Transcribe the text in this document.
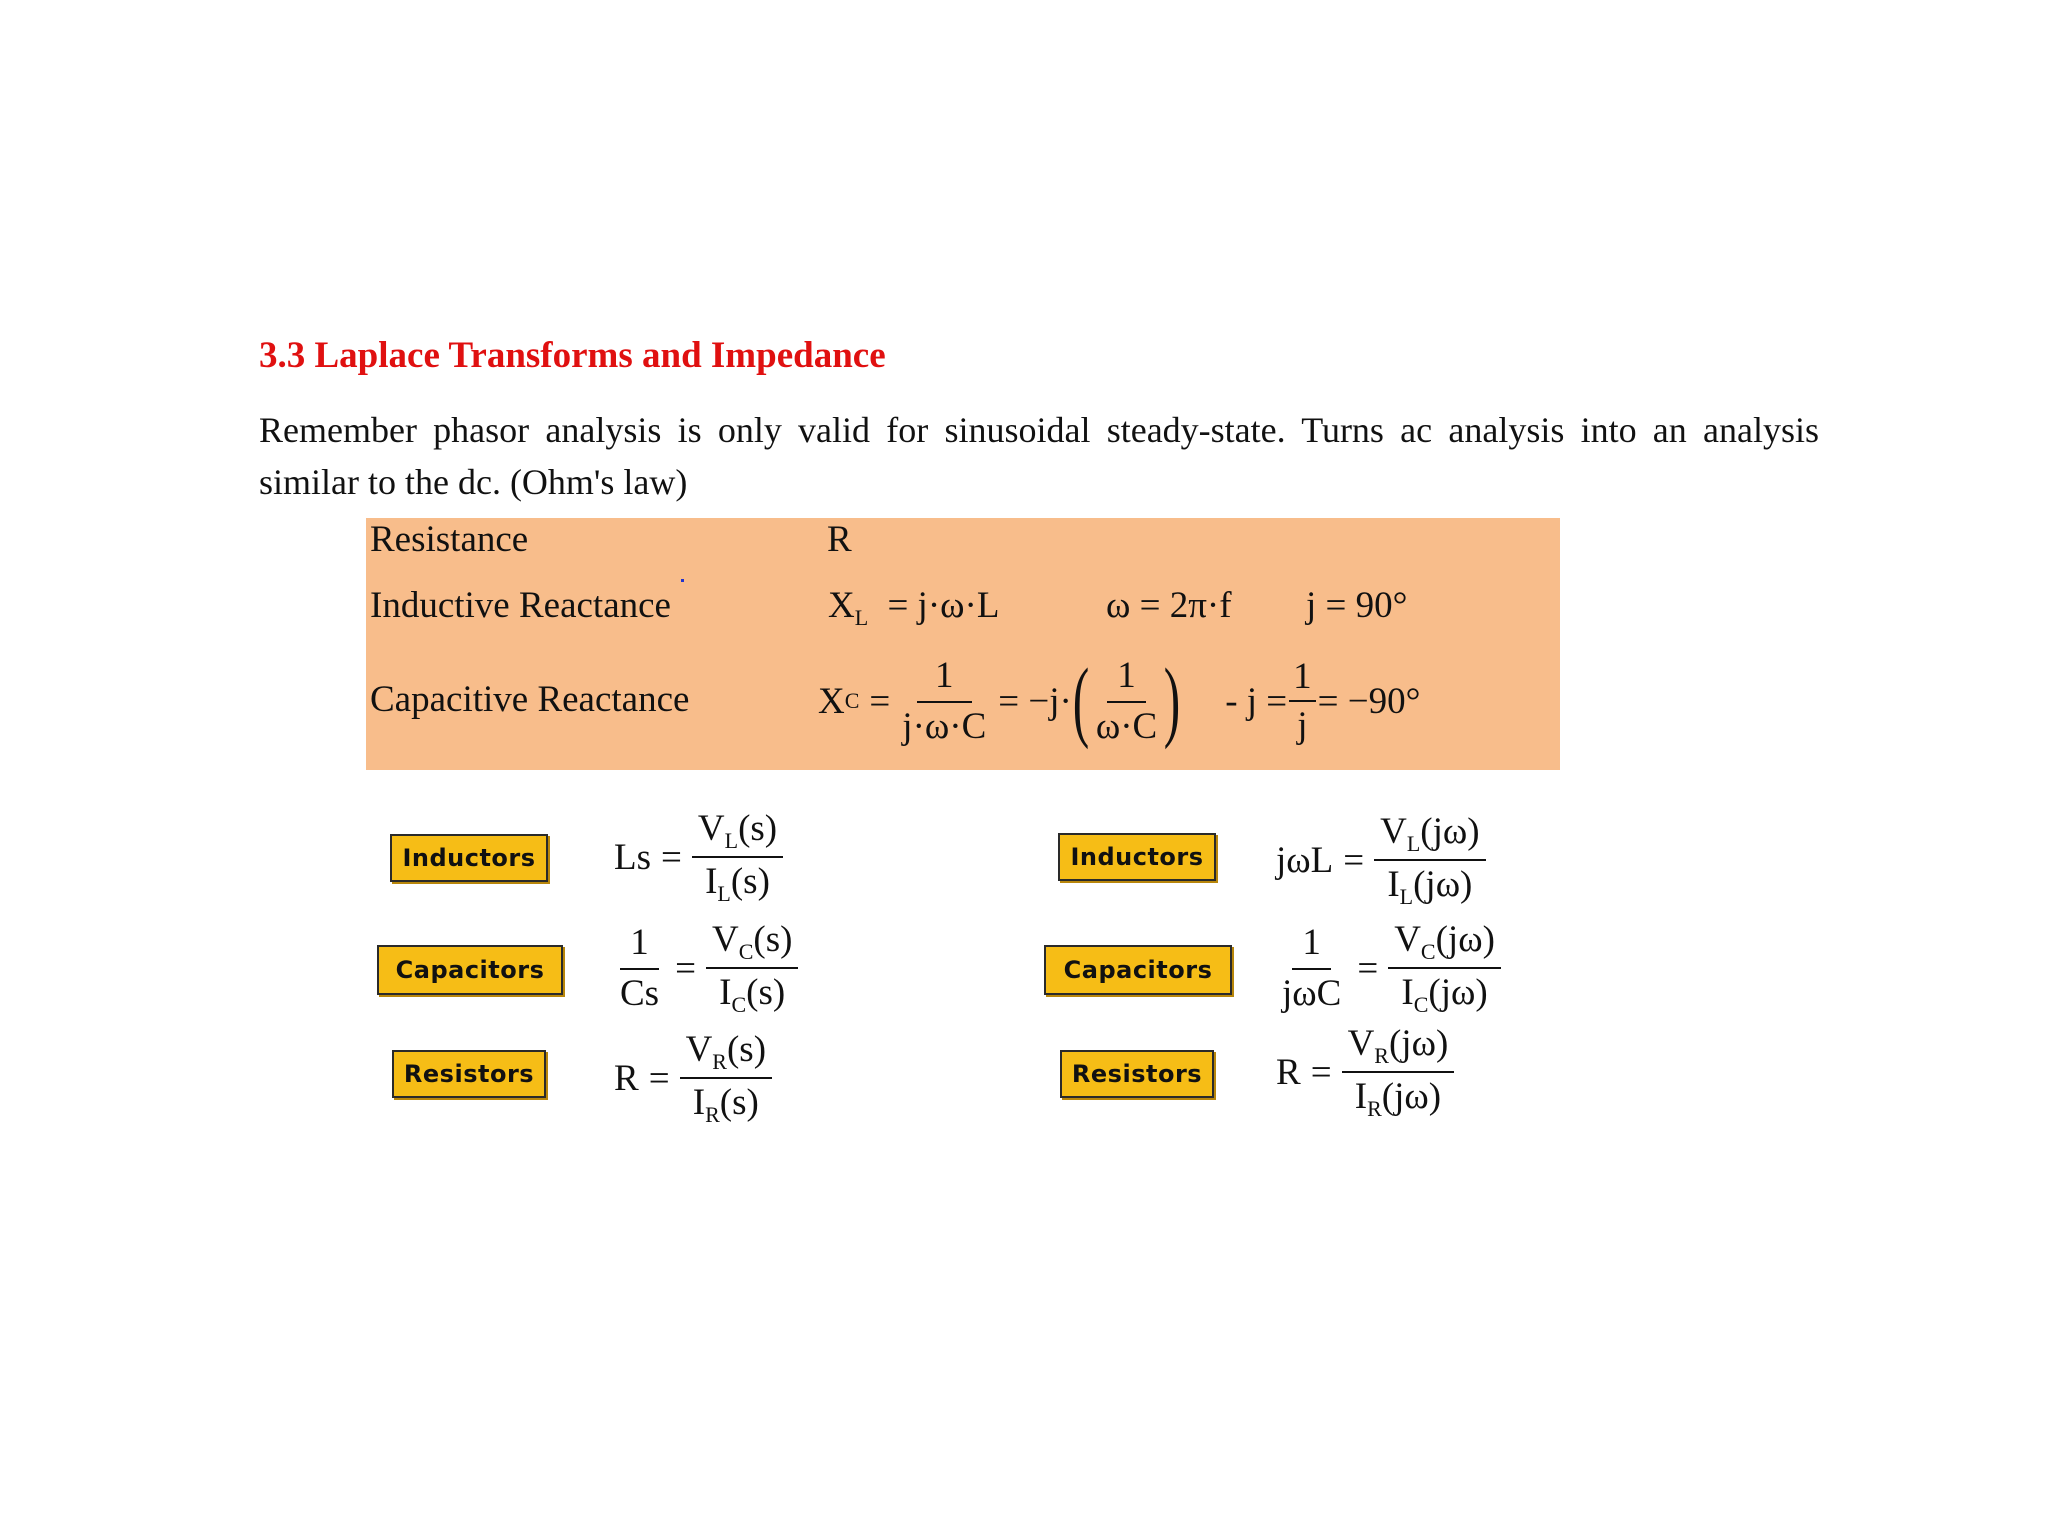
3.3 Laplace Transforms and Impedance
Remember phasor analysis is only valid for sinusoidal steady-state. Turns ac analysis into an analysis similar to the dc. (Ohm's law)
Resistance	R
Inductive Reactance	$X_L = j\cdot\omega\cdot L$	ω = 2π·f j = 90°
Capacitive Reactance	X $C = \frac{1}{j\cdot\omega\cdot C} = -j\cdot$ ( $\frac{1}{\omega\cdot C}$ ) - $j = \frac{1}{j} = -90^\circ$
Inductors	$Ls = \frac{V_L(s)}{I_L(s)}$
Capacitors	$\frac{1}{Cs} = \frac{V_C(s)}{I_C(s)}$
Resistors	$R = \frac{V_R(s)}{I_R(s)}$
Inductors	$j\omega L = \frac{V_L(j\omega)}{I_L(j\omega)}$
Capacitors	$\frac{1}{\text{jωC}} = \frac{V_C(j\omega)}{I_C(j\omega)}$
Resistors	$R = \frac{V_R(j\omega)}{I_R(j\omega)}$
